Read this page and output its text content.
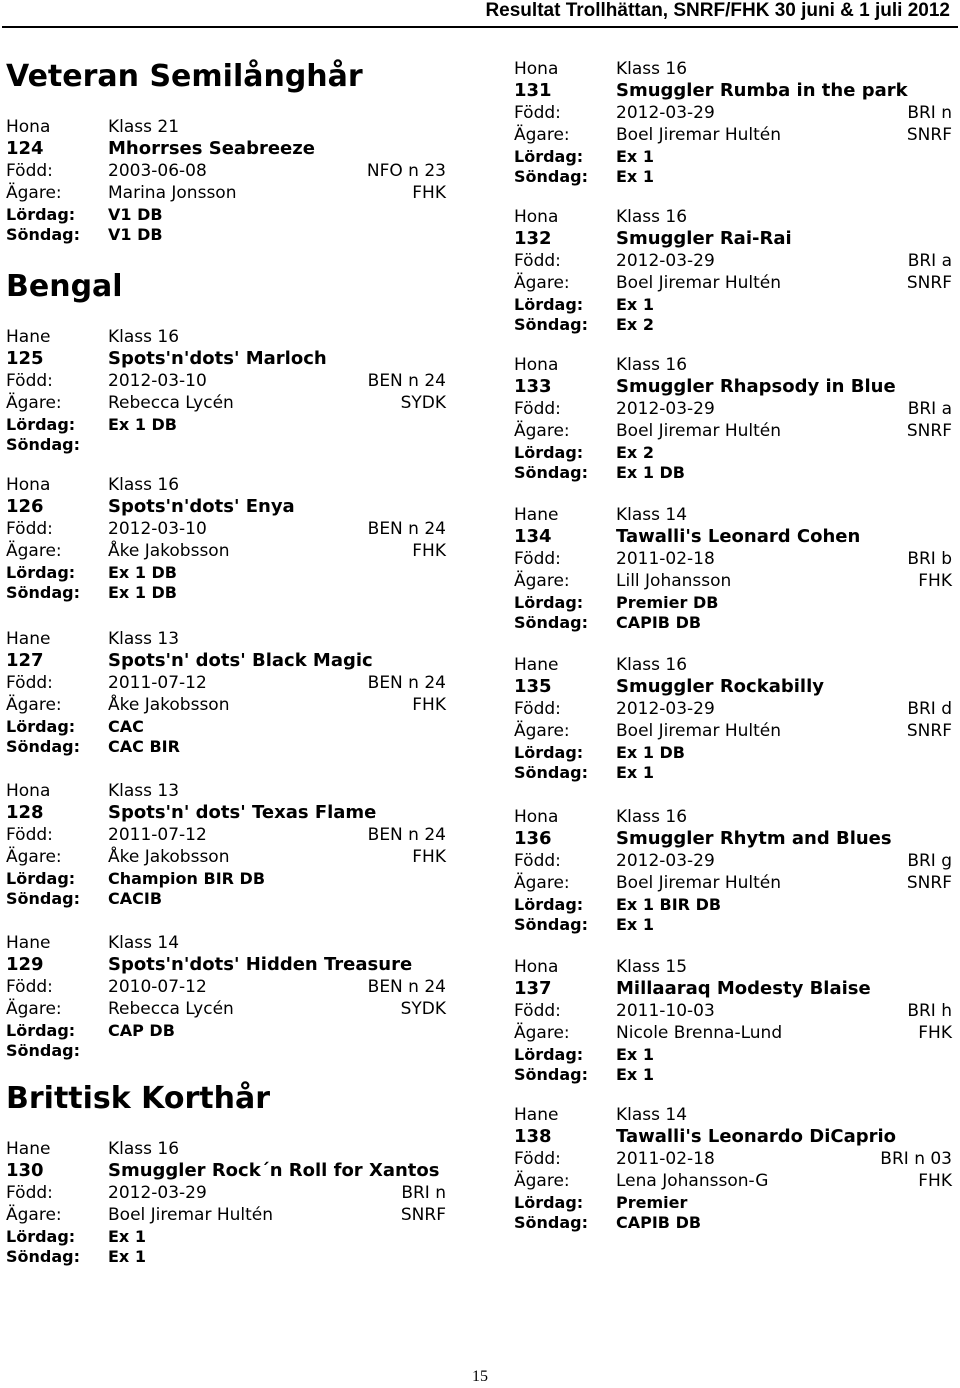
Resultat Trollhättan, SNRF/FHK 30 juni & 1 juli 2012
Veteran Semilånghår
Bengal
Brittisk Korthår
Hona	Klass 21
124	Mhorrses Seabreeze
Född:	2003-06-08	NFO n 23
Ägare:	Marina Jonsson	FHK
Lördag: V1 DB
Söndag: V1 DB
Hane	Klass 16
125	Spots'n'dots' Marloch
Född:	2012-03-10	BEN n 24
Ägare:	Rebecca Lycén	SYDK
Lördag: Ex 1 DB
Söndag:
Hona	Klass 16
126	Spots'n'dots' Enya
Född:	2012-03-10	BEN n 24
Ägare:	Åke Jakobsson	FHK
Lördag: Ex 1 DB
Söndag: Ex 1 DB
Hane	Klass 13
127	Spots'n' dots' Black Magic
Född:	2011-07-12	BEN n 24
Ägare:	Åke Jakobsson	FHK
Lördag: CAC
Söndag: CAC BIR
Hona	Klass 13
128	Spots'n' dots' Texas Flame
Född:	2011-07-12	BEN n 24
Ägare:	Åke Jakobsson	FHK
Lördag: Champion BIR DB
Söndag: CACIB
Hane	Klass 14
129	Spots'n'dots' Hidden Treasure
Född:	2010-07-12	BEN n 24
Ägare:	Rebecca Lycén	SYDK
Lördag: CAP DB
Söndag:
Hane	Klass 16
130	Smuggler Rock´n Roll for Xantos
Född:	2012-03-29	BRI n
Ägare:	Boel Jiremar Hultén	SNRF
Lördag: Ex 1
Söndag: Ex 1
Hona	Klass 16
131	Smuggler Rumba in the park
Född:	2012-03-29	BRI n
Ägare:	Boel Jiremar Hultén	SNRF
Lördag: Ex 1
Söndag: Ex 1
Hona	Klass 16
132	Smuggler Rai-Rai
Född:	2012-03-29	BRI a
Ägare:	Boel Jiremar Hultén	SNRF
Lördag: Ex 1
Söndag: Ex 2
Hona	Klass 16
133	Smuggler Rhapsody in Blue
Född:	2012-03-29	BRI a
Ägare:	Boel Jiremar Hultén	SNRF
Lördag: Ex 2
Söndag: Ex 1 DB
Hane	Klass 14
134	Tawalli's Leonard Cohen
Född:	2011-02-18	BRI b
Ägare:	Lill Johansson	FHK
Lördag: Premier DB
Söndag: CAPIB DB
Hane	Klass 16
135	Smuggler Rockabilly
Född:	2012-03-29	BRI d
Ägare:	Boel Jiremar Hultén	SNRF
Lördag: Ex 1 DB
Söndag: Ex 1
Hona	Klass 16
136	Smuggler Rhytm and Blues
Född:	2012-03-29	BRI g
Ägare:	Boel Jiremar Hultén	SNRF
Lördag: Ex 1 BIR DB
Söndag: Ex 1
Hona	Klass 15
137	Millaaraq Modesty Blaise
Född:	2011-10-03	BRI h
Ägare:	Nicole Brenna-Lund	FHK
Lördag: Ex 1
Söndag: Ex 1
Hane	Klass 14
138	Tawalli's Leonardo DiCaprio
Född:	2011-02-18	BRI n 03
Ägare:	Lena Johansson-G	FHK
Lördag: Premier
Söndag: CAPIB DB
15
